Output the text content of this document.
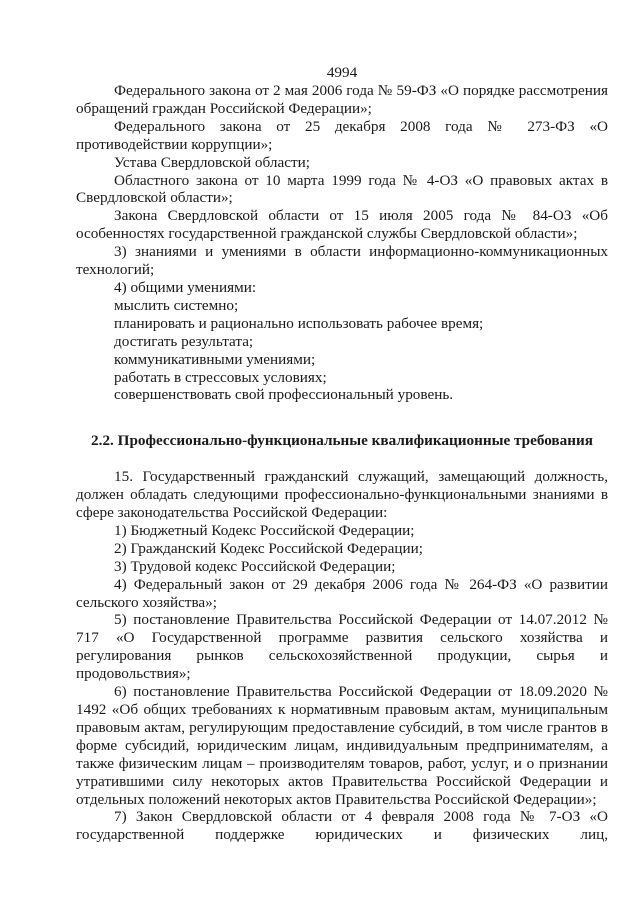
4994

Федерального закона от 2 мая 2006 года № 59-ФЗ «О порядке рассмотрения обращений граждан Российской Федерации»;

Федерального закона от 25 декабря 2008 года № 273-ФЗ «О противодействии коррупции»;

Устава Свердловской области;

Областного закона от 10 марта 1999 года № 4-ОЗ «О правовых актах в Свердловской области»;

Закона Свердловской области от 15 июля 2005 года № 84-ОЗ «Об особенностях государственной гражданской службы Свердловской области»;

3) знаниями и умениями в области информационно-коммуникационных технологий;

4) общими умениями:

мыслить системно;

планировать и рационально использовать рабочее время;

достигать результата;

коммуникативными умениями;

работать в стрессовых условиях;

совершенствовать свой профессиональный уровень.

2.2. Профессионально-функциональные квалификационные требования

15. Государственный гражданский служащий, замещающий должность, должен обладать следующими профессионально-функциональными знаниями в сфере законодательства Российской Федерации:

1) Бюджетный Кодекс Российской Федерации;

2) Гражданский Кодекс Российской Федерации;

3) Трудовой кодекс Российской Федерации;

4) Федеральный закон от 29 декабря 2006 года № 264-ФЗ «О развитии сельского хозяйства»;

5) постановление Правительства Российской Федерации от 14.07.2012 № 717 «О Государственной программе развития сельского хозяйства и регулирования рынков сельскохозяйственной продукции, сырья и продовольствия»;

6) постановление Правительства Российской Федерации от 18.09.2020 № 1492 «Об общих требованиях к нормативным правовым актам, муниципальным правовым актам, регулирующим предоставление субсидий, в том числе грантов в форме субсидий, юридическим лицам, индивидуальным предпринимателям, а также физическим лицам – производителям товаров, работ, услуг, и о признании утратившими силу некоторых актов Правительства Российской Федерации и отдельных положений некоторых актов Правительства Российской Федерации»;

7) Закон Свердловской области от 4 февраля 2008 года № 7-ОЗ «О государственной поддержке юридических и физических лиц,
